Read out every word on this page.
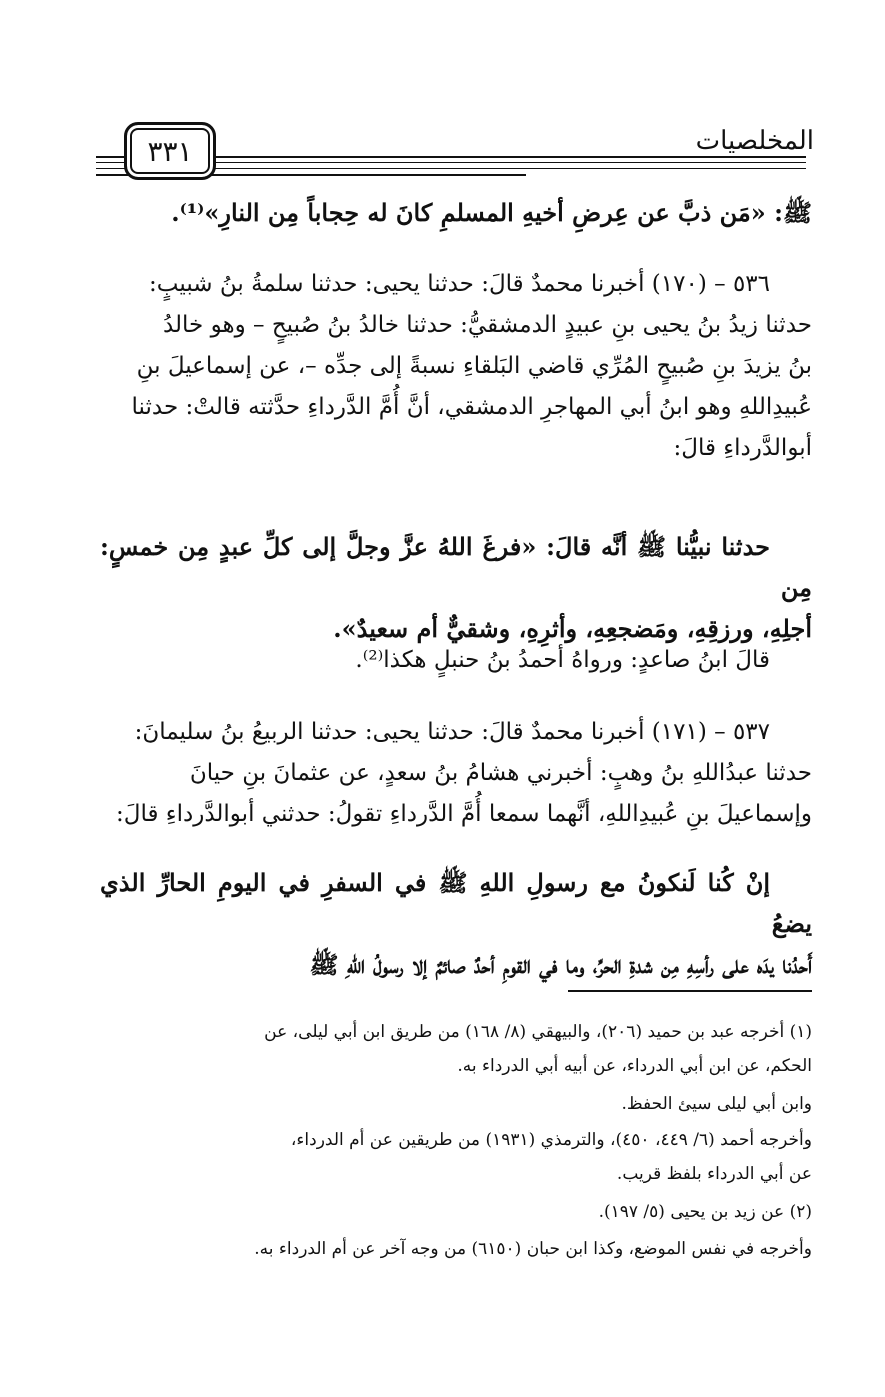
المخلصيات
٣٣١
ﷺ: «مَن ذبَّ عن عِرضِ أخيهِ المسلمِ كانَ له حِجاباً مِن النارِ»⁽¹⁾.
٥٣٦ – (١٧٠) أخبرنا محمدٌ قالَ: حدثنا يحيى: حدثنا سلمةُ بنُ شبيبٍ:
حدثنا زيدُ بنُ يحيى بنِ عبيدٍ الدمشقيُّ: حدثنا خالدُ بنُ صُبيحٍ – وهو خالدُ
بنُ يزيدَ بنِ صُبيحٍ المُرِّي قاضي البَلقاءِ نسبةً إلى جدِّه –، عن إسماعيلَ بنِ
عُبيدِاللهِ وهو ابنُ أبي المهاجرِ الدمشقي، أنَّ أُمَّ الدَّرداءِ حدَّثته قالتْ: حدثنا
أبوالدَّرداءِ قالَ:
حدثنا نبيُّنا ﷺ أنَّه قالَ: «فرغَ اللهُ عزَّ وجلَّ إلى كلِّ عبدٍ مِن خمسٍ: مِن
أجلِهِ، ورزقِهِ، ومَضجعِهِ، وأثرِهِ، وشقيٌّ أم سعيدٌ».
قالَ ابنُ صاعدٍ: ورواهُ أحمدُ بنُ حنبلٍ هكذا⁽²⁾.
٥٣٧ – (١٧١) أخبرنا محمدٌ قالَ: حدثنا يحيى: حدثنا الربيعُ بنُ سليمانَ:
حدثنا عبدُاللهِ بنُ وهبٍ: أخبرني هشامُ بنُ سعدٍ، عن عثمانَ بنِ حيانَ
وإسماعيلَ بنِ عُبيدِاللهِ، أنَّهما سمعا أُمَّ الدَّرداءِ تقولُ: حدثني أبوالدَّرداءِ قالَ:
إنْ كُنا لَنكونُ مع رسولِ اللهِ ﷺ في السفرِ في اليومِ الحارِّ الذي يضعُ
أَحدُنا يدَه على رأسِهِ مِن شدةِ الحرِّ، وما في القومِ أحدٌ صائمٌ إلا رسولُ اللهِ ﷺ
(١) أخرجه عبد بن حميد (٢٠٦)، والبيهقي (٨/ ١٦٨) من طريق ابن أبي ليلى، عن
الحكم، عن ابن أبي الدرداء، عن أبيه أبي الدرداء به.
وابن أبي ليلى سيئ الحفظ.
وأخرجه أحمد (٦/ ٤٤٩، ٤٥٠)، والترمذي (١٩٣١) من طريقين عن أم الدرداء،
عن أبي الدرداء بلفظ قريب.
(٢) عن زيد بن يحيى (٥/ ١٩٧).
وأخرجه في نفس الموضع، وكذا ابن حبان (٦١٥٠) من وجه آخر عن أم الدرداء به.
